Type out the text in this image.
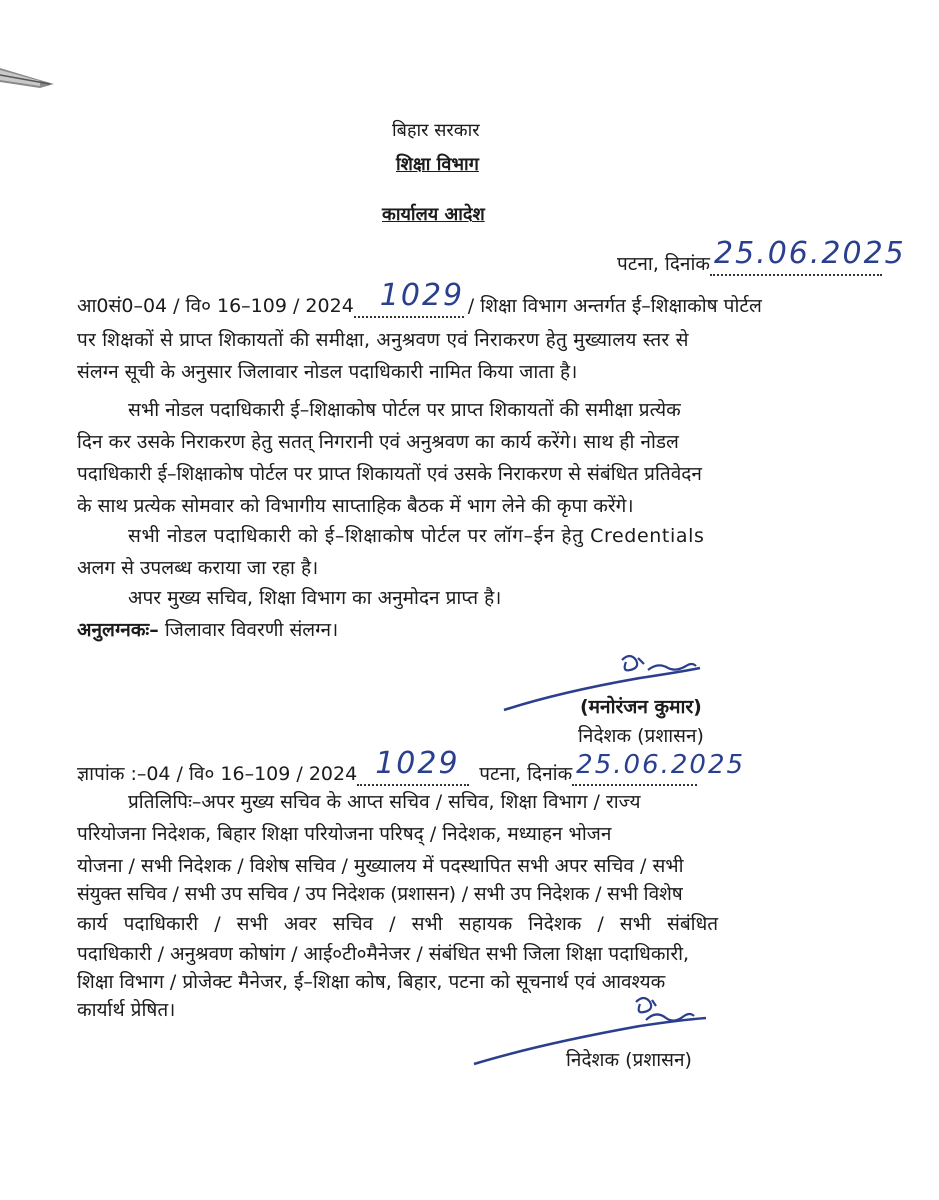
बिहार सरकार
शिक्षा विभाग
कार्यालय आदेश
पटना, दिनांक 25.06.2025
आ0सं0–04 / वि० 16–109 / 2024 1029 / शिक्षा विभाग अन्तर्गत ई–शिक्षाकोष पोर्टल
पर शिक्षकों से प्राप्त शिकायतों की समीक्षा, अनुश्रवण एवं निराकरण हेतु मुख्यालय स्तर से
संलग्न सूची के अनुसार जिलावार नोडल पदाधिकारी नामित किया जाता है।
सभी नोडल पदाधिकारी ई–शिक्षाकोष पोर्टल पर प्राप्त शिकायतों की समीक्षा प्रत्येक
दिन कर उसके निराकरण हेतु सतत् निगरानी एवं अनुश्रवण का कार्य करेंगे। साथ ही नोडल
पदाधिकारी ई–शिक्षाकोष पोर्टल पर प्राप्त शिकायतों एवं उसके निराकरण से संबंधित प्रतिवेदन
के साथ प्रत्येक सोमवार को विभागीय साप्ताहिक बैठक में भाग लेने की कृपा करेंगे।
सभी नोडल पदाधिकारी को ई–शिक्षाकोष पोर्टल पर लॉग–ईन हेतु Credentials
अलग से उपलब्ध कराया जा रहा है।
अपर मुख्य सचिव, शिक्षा विभाग का अनुमोदन प्राप्त है।
अनुलग्नकः– जिलावार विवरणी संलग्न।
(मनोरंजन कुमार)
निदेशक (प्रशासन)
ज्ञापांक :–04 / वि० 16–109 / 2024 1029 पटना, दिनांक 25.06.2025
प्रतिलिपिः–अपर मुख्य सचिव के आप्त सचिव / सचिव, शिक्षा विभाग / राज्य
परियोजना निदेशक, बिहार शिक्षा परियोजना परिषद् / निदेशक, मध्याहन भोजन
योजना / सभी निदेशक / विशेष सचिव / मुख्यालय में पदस्थापित सभी अपर सचिव / सभी
संयुक्त सचिव / सभी उप सचिव / उप निदेशक (प्रशासन) / सभी उप निदेशक / सभी विशेष
कार्य पदाधिकारी / सभी अवर सचिव / सभी सहायक निदेशक / सभी संबंधित
पदाधिकारी / अनुश्रवण कोषांग / आई०टी०मैनेजर / संबंधित सभी जिला शिक्षा पदाधिकारी,
शिक्षा विभाग / प्रोजेक्ट मैनेजर, ई–शिक्षा कोष, बिहार, पटना को सूचनार्थ एवं आवश्यक
कार्यार्थ प्रेषित।
निदेशक (प्रशासन)
